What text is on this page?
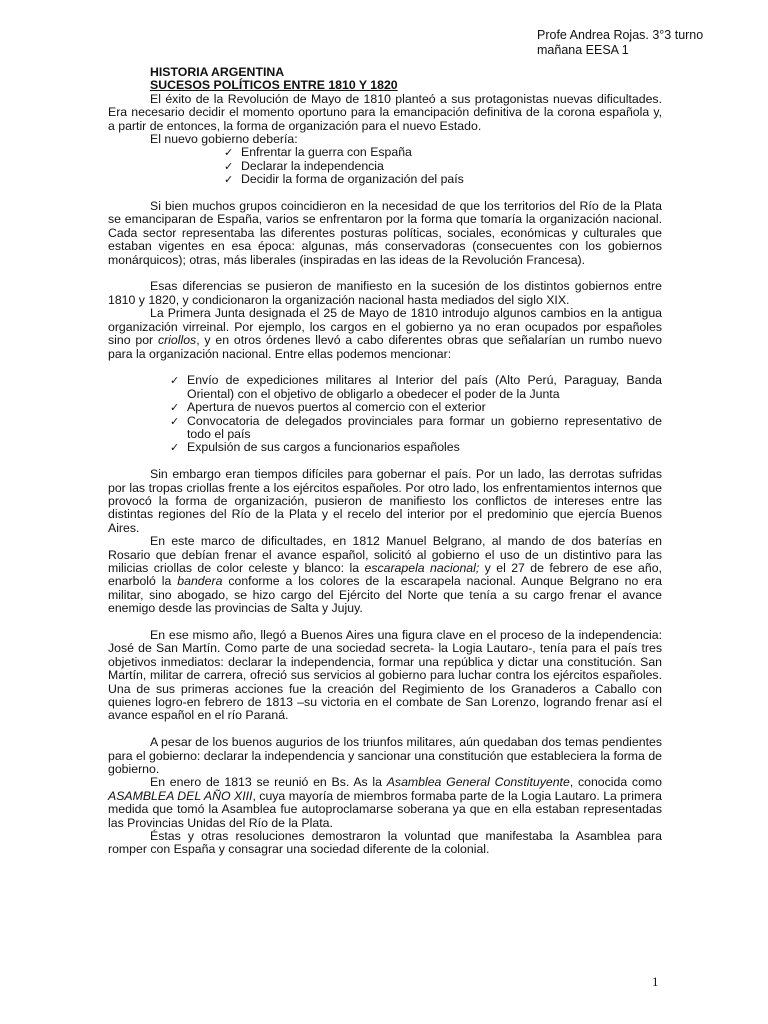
Profe Andrea Rojas. 3°3 turno
mañana EESA 1

HISTORIA ARGENTINA

SUCESOS POLÍTICOS ENTRE 1810 Y 1820

El éxito de la Revolución de Mayo de 1810 planteó a sus protagonistas nuevas dificultades. Era necesario decidir el momento oportuno para la emancipación definitiva de la corona española y, a partir de entonces, la forma de organización para el nuevo Estado.

El nuevo gobierno debería:

✓ Enfrentar la guerra con España
✓ Declarar la independencia
✓ Decidir la forma de organización del país

Si bien muchos grupos coincidieron en la necesidad de que los territorios del Río de la Plata se emanciparan de España, varios se enfrentaron por la forma que tomaría la organización nacional. Cada sector representaba las diferentes posturas políticas, sociales, económicas y culturales que estaban vigentes en esa época: algunas, más conservadoras (consecuentes con los gobiernos monárquicos); otras, más liberales (inspiradas en las ideas de la Revolución Francesa).

Esas diferencias se pusieron de manifiesto en la sucesión de los distintos gobiernos entre 1810 y 1820, y condicionaron la organización nacional hasta mediados del siglo XIX.

La Primera Junta designada el 25 de Mayo de 1810 introdujo algunos cambios en la antigua organización virreinal. Por ejemplo, los cargos en el gobierno ya no eran ocupados por españoles sino por criollos, y en otros órdenes llevó a cabo diferentes obras que señalarían un rumbo nuevo para la organización nacional. Entre ellas podemos mencionar:

✓ Envío de expediciones militares al Interior del país (Alto Perú, Paraguay, Banda Oriental) con el objetivo de obligarlo a obedecer el poder de la Junta
✓ Apertura de nuevos puertos al comercio con el exterior
✓ Convocatoria de delegados provinciales para formar un gobierno representativo de todo el país
✓ Expulsión de sus cargos a funcionarios españoles

Sin embargo eran tiempos difíciles para gobernar el país. Por un lado, las derrotas sufridas por las tropas criollas frente a los ejércitos españoles. Por otro lado, los enfrentamientos internos que provocó la forma de organización, pusieron de manifiesto los conflictos de intereses entre las distintas regiones del Río de la Plata y el recelo del interior por el predominio que ejercía Buenos Aires.

En este marco de dificultades, en 1812 Manuel Belgrano, al mando de dos baterías en Rosario que debían frenar el avance español, solicitó al gobierno el uso de un distintivo para las milicias criollas de color celeste y blanco: la escarapela nacional; y el 27 de febrero de ese año, enarboló la bandera conforme a los colores de la escarapela nacional. Aunque Belgrano no era militar, sino abogado, se hizo cargo del Ejército del Norte que tenía a su cargo frenar el avance enemigo desde las provincias de Salta y Jujuy.

En ese mismo año, llegó a Buenos Aires una figura clave en el proceso de la independencia: José de San Martín. Como parte de una sociedad secreta- la Logia Lautaro-, tenía para el país tres objetivos inmediatos: declarar la independencia, formar una república y dictar una constitución. San Martín, militar de carrera, ofreció sus servicios al gobierno para luchar contra los ejércitos españoles. Una de sus primeras acciones fue la creación del Regimiento de los Granaderos a Caballo con quienes logro-en febrero de 1813 –su victoria en el combate de San Lorenzo, logrando frenar así el avance español en el río Paraná.

A pesar de los buenos augurios de los triunfos militares, aún quedaban dos temas pendientes para el gobierno: declarar la independencia y sancionar una constitución que estableciera la forma de gobierno.

En enero de 1813 se reunió en Bs. As la Asamblea General Constituyente, conocida como ASAMBLEA DEL AÑO XIII, cuya mayoría de miembros formaba parte de la Logia Lautaro. La primera medida que tomó la Asamblea fue autoproclamarse soberana ya que en ella estaban representadas las Provincias Unidas del Río de la Plata.

Éstas y otras resoluciones demostraron la voluntad que manifestaba la Asamblea para romper con España y consagrar una sociedad diferente de la colonial.

1
